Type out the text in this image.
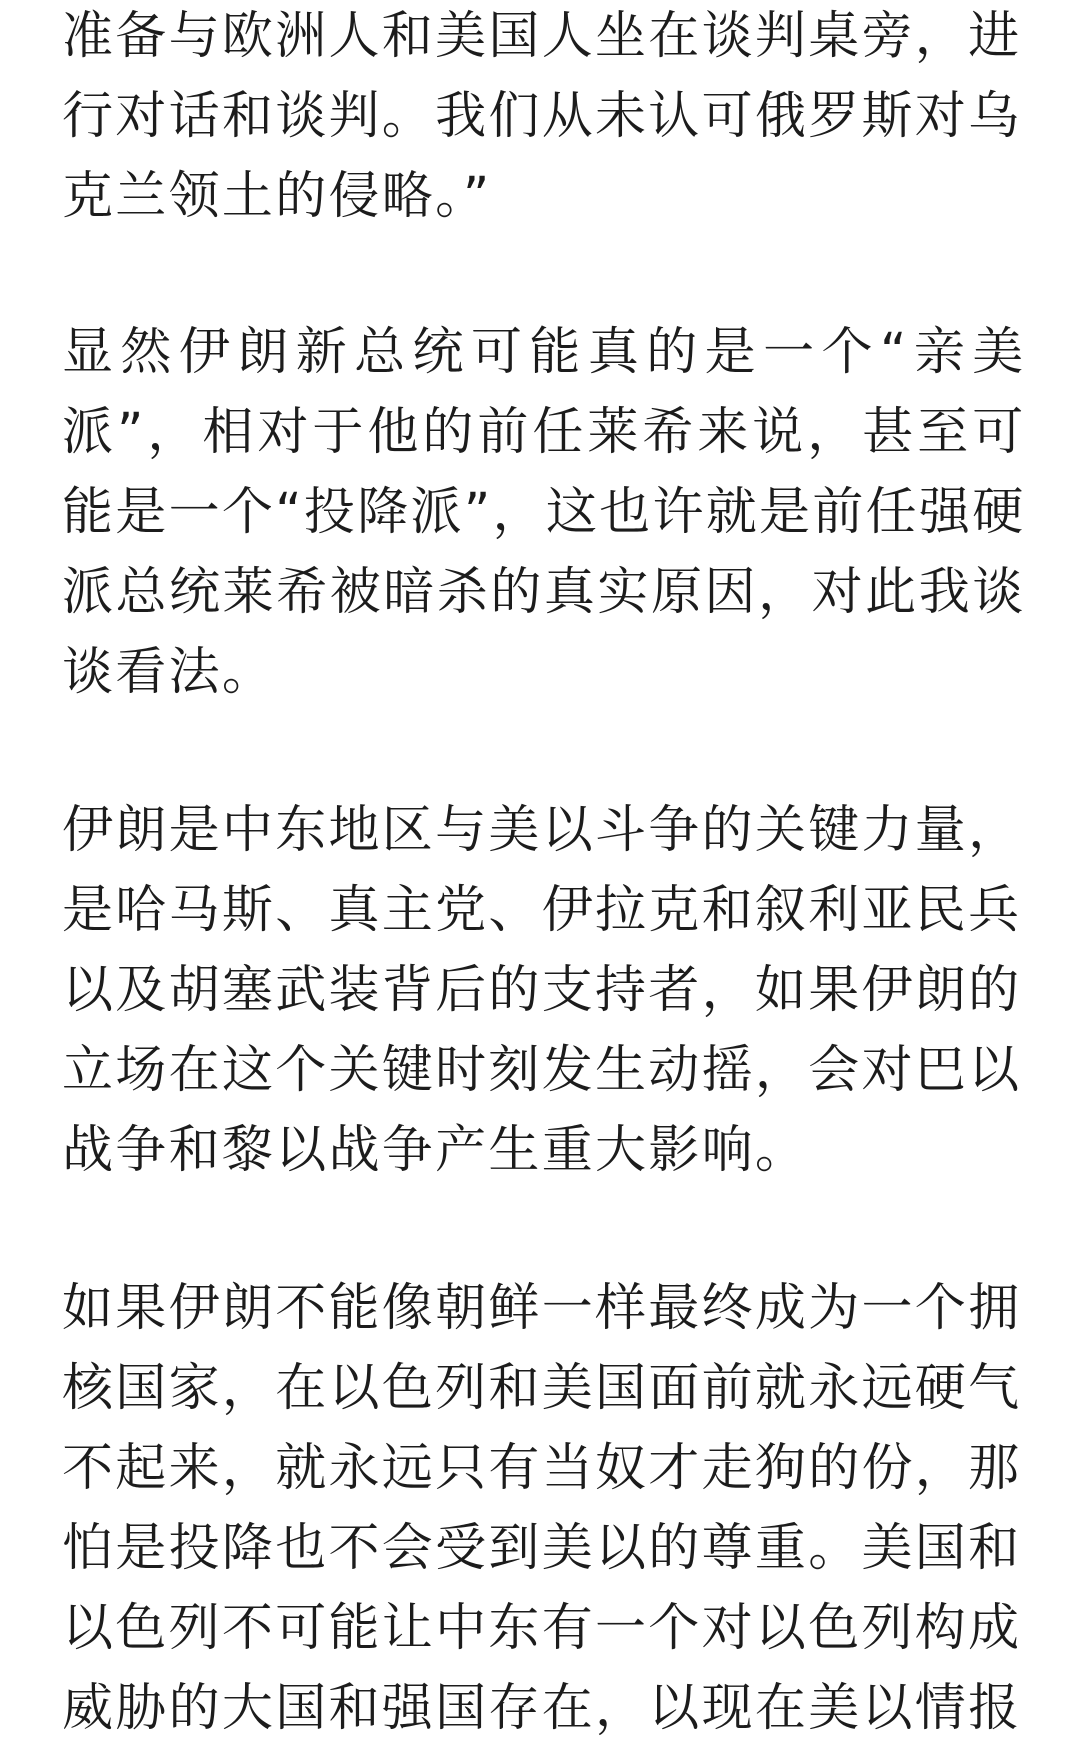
准备与欧洲人和美国人坐在谈判桌旁，进
行对话和谈判。我们从未认可俄罗斯对乌
克兰领土的侵略。”
显然伊朗新总统可能真的是一个“亲美
派”，相对于他的前任莱希来说，甚至可
能是一个“投降派”，这也许就是前任强硬
派总统莱希被暗杀的真实原因，对此我谈
谈看法。
伊朗是中东地区与美以斗争的关键力量，
是哈马斯、真主党、伊拉克和叙利亚民兵
以及胡塞武装背后的支持者，如果伊朗的
立场在这个关键时刻发生动摇，会对巴以
战争和黎以战争产生重大影响。
如果伊朗不能像朝鲜一样最终成为一个拥
核国家，在以色列和美国面前就永远硬气
不起来，就永远只有当奴才走狗的份，那
怕是投降也不会受到美以的尊重。美国和
以色列不可能让中东有一个对以色列构成
威胁的大国和强国存在，以现在美以情报
